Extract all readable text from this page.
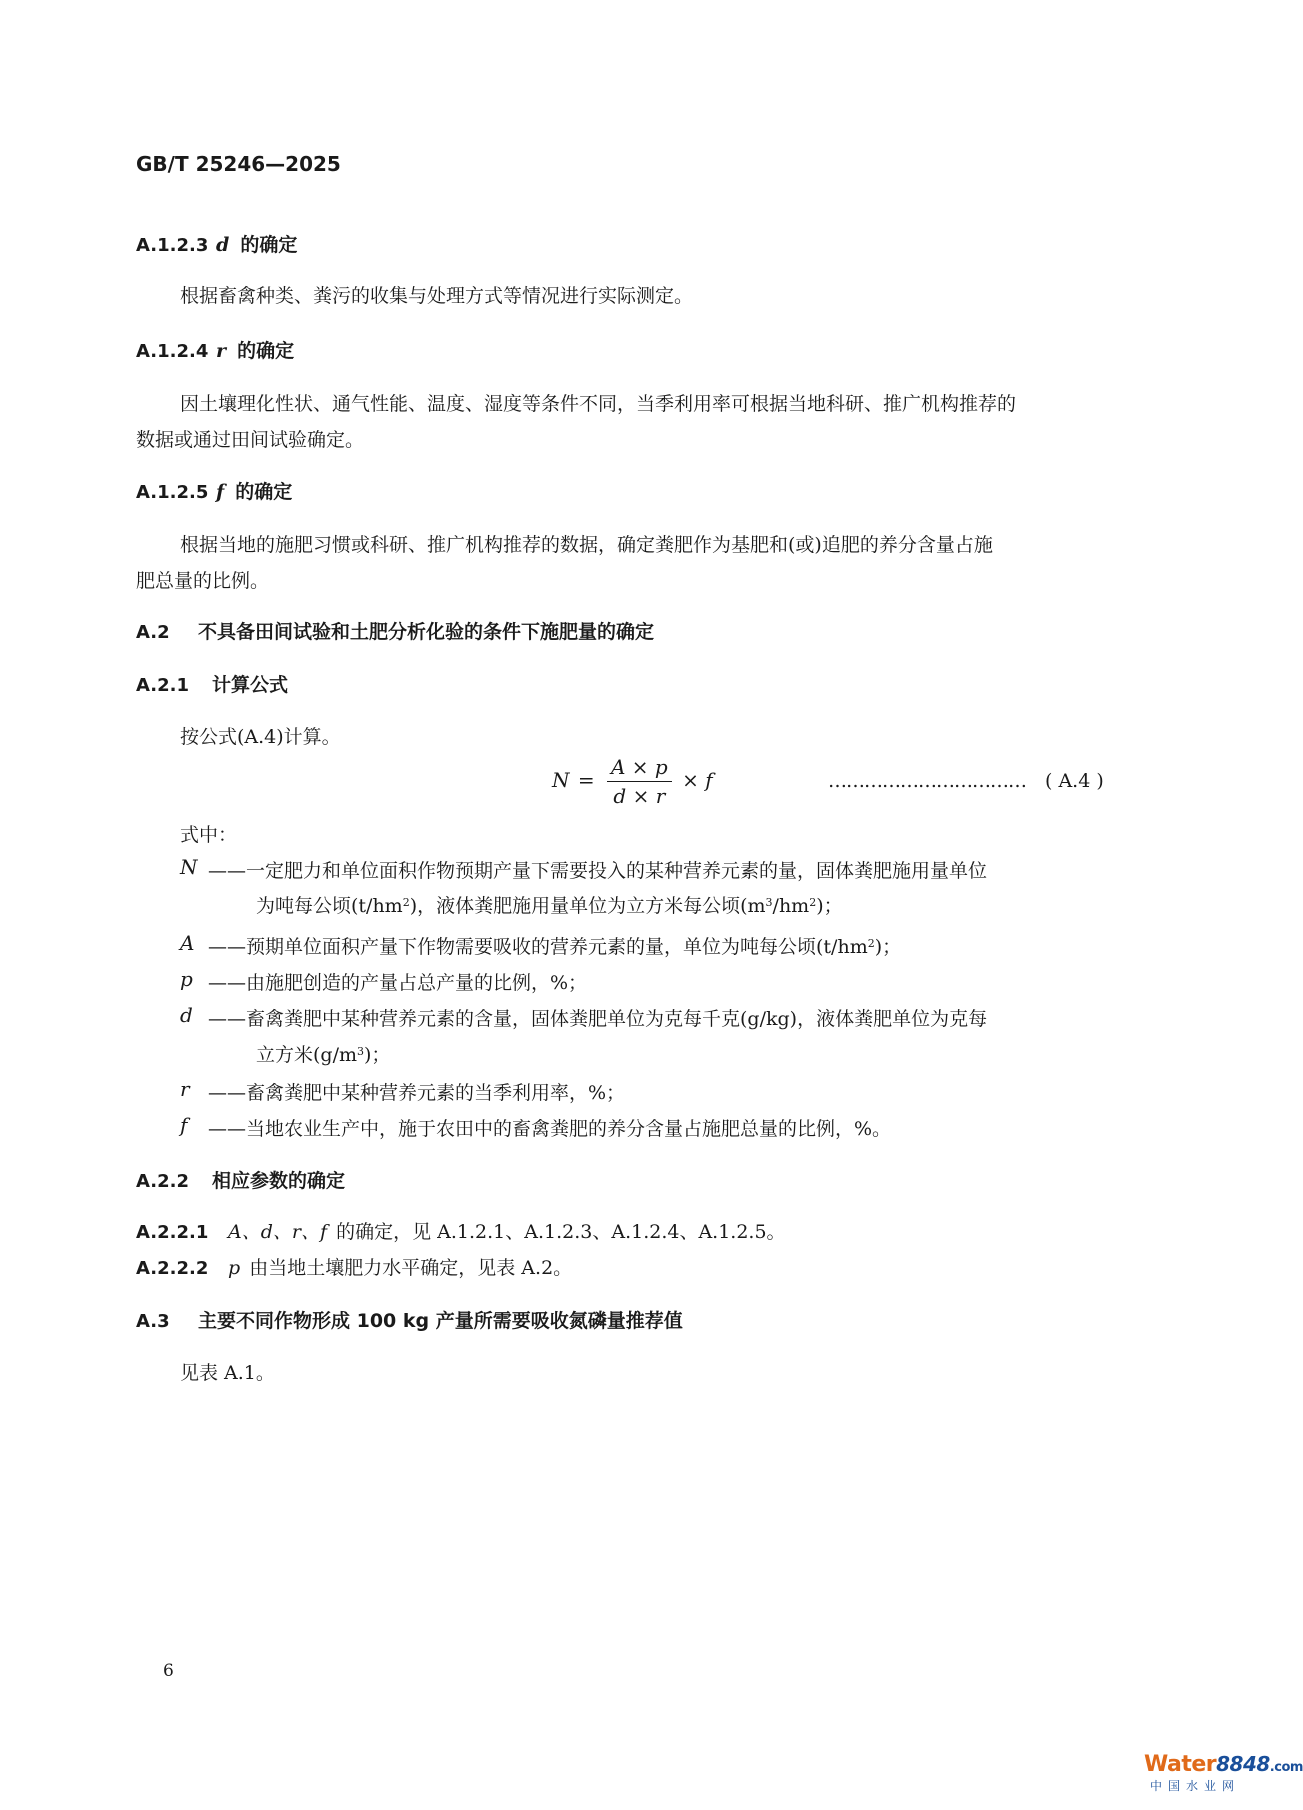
GB/T 25246—2025
A.1.2.3 d 的确定
根据畜禽种类、粪污的收集与处理方式等情况进行实际测定。
A.1.2.4 r 的确定
因土壤理化性状、通气性能、温度、湿度等条件不同，当季利用率可根据当地科研、推广机构推荐的
数据或通过田间试验确定。
A.1.2.5 f 的确定
根据当地的施肥习惯或科研、推广机构推荐的数据，确定粪肥作为基肥和(或)追肥的养分含量占施
肥总量的比例。
A.2 不具备田间试验和土肥分析化验的条件下施肥量的确定
A.2.1 计算公式
按公式(A.4)计算。
$N = \frac{A \times p}{d \times r} \times f$	…………………………… ( A.4 )
式中：
N ——一定肥力和单位面积作物预期产量下需要投入的某种营养元素的量，固体粪肥施用量单位
为吨每公顷$(t/hm^2)$，液体粪肥施用量单位为立方米每公顷$(m^3/hm^2)$；
A ——预期单位面积产量下作物需要吸收的营养元素的量，单位为吨每公顷$(t/hm^2)$；
p ——由施肥创造的产量占总产量的比例，%；
d ——畜禽粪肥中某种营养元素的含量，固体粪肥单位为克每千克(g/kg)，液体粪肥单位为克每
立方米$(g/m^3)$；
r ——畜禽粪肥中某种营养元素的当季利用率，%；
f ——当地农业生产中，施于农田中的畜禽粪肥的养分含量占施肥总量的比例，%。
A.2.2 相应参数的确定
A.2.2.1 A、d、r、f 的确定，见 A.1.2.1、A.1.2.3、A.1.2.4、A.1.2.5。
A.2.2.2 p 由当地土壤肥力水平确定，见表 A.2。
A.3 主要不同作物形成 100 kg 产量所需要吸收氮磷量推荐值
见表 A.1。
6
Water8848.com
中国水业网
